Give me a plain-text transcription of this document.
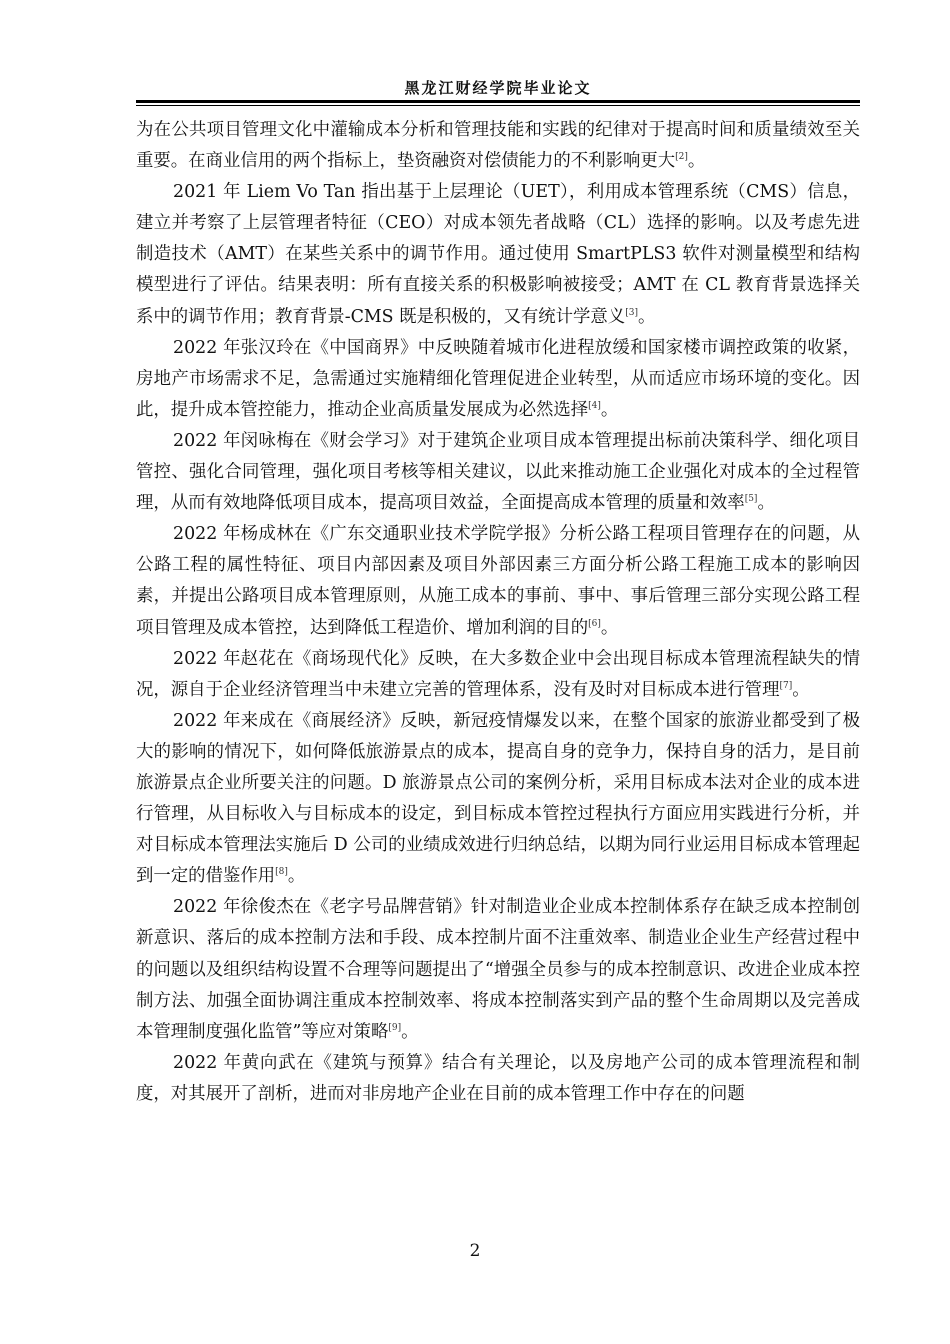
黑龙江财经学院毕业论文

为在公共项目管理文化中灌输成本分析和管理技能和实践的纪律对于提高时间和质量绩效至关重要。在商业信用的两个指标上，垫资融资对偿债能力的不利影响更大[2]。

2021 年 Liem Vo Tan 指出基于上层理论（UET），利用成本管理系统（CMS）信息，建立并考察了上层管理者特征（CEO）对成本领先者战略（CL）选择的影响。以及考虑先进制造技术（AMT）在某些关系中的调节作用。通过使用 SmartPLS3 软件对测量模型和结构模型进行了评估。结果表明：所有直接关系的积极影响被接受；AMT 在 CL 教育背景选择关系中的调节作用；教育背景-CMS 既是积极的，又有统计学意义[3]。

2022 年张汉玲在《中国商界》中反映随着城市化进程放缓和国家楼市调控政策的收紧，房地产市场需求不足，急需通过实施精细化管理促进企业转型，从而适应市场环境的变化。因此，提升成本管控能力，推动企业高质量发展成为必然选择[4]。

2022 年闵咏梅在《财会学习》对于建筑企业项目成本管理提出标前决策科学、细化项目管控、强化合同管理，强化项目考核等相关建议，以此来推动施工企业强化对成本的全过程管理，从而有效地降低项目成本，提高项目效益，全面提高成本管理的质量和效率[5]。

2022 年杨成林在《广东交通职业技术学院学报》分析公路工程项目管理存在的问题，从公路工程的属性特征、项目内部因素及项目外部因素三方面分析公路工程施工成本的影响因素，并提出公路项目成本管理原则，从施工成本的事前、事中、事后管理三部分实现公路工程项目管理及成本管控，达到降低工程造价、增加利润的目的[6]。

2022 年赵花在《商场现代化》反映，在大多数企业中会出现目标成本管理流程缺失的情况，源自于企业经济管理当中未建立完善的管理体系，没有及时对目标成本进行管理[7]。

2022 年来成在《商展经济》反映，新冠疫情爆发以来，在整个国家的旅游业都受到了极大的影响的情况下，如何降低旅游景点的成本，提高自身的竞争力，保持自身的活力，是目前旅游景点企业所要关注的问题。D 旅游景点公司的案例分析，采用目标成本法对企业的成本进行管理，从目标收入与目标成本的设定，到目标成本管控过程执行方面应用实践进行分析，并对目标成本管理法实施后 D 公司的业绩成效进行归纳总结，以期为同行业运用目标成本管理起到一定的借鉴作用[8]。

2022 年徐俊杰在《老字号品牌营销》针对制造业企业成本控制体系存在缺乏成本控制创新意识、落后的成本控制方法和手段、成本控制片面不注重效率、制造业企业生产经营过程中的问题以及组织结构设置不合理等问题提出了“增强全员参与的成本控制意识、改进企业成本控制方法、加强全面协调注重成本控制效率、将成本控制落实到产品的整个生命周期以及完善成本管理制度强化监管”等应对策略[9]。

2022 年黄向武在《建筑与预算》结合有关理论，以及房地产公司的成本管理流程和制度，对其展开了剖析，进而对非房地产企业在目前的成本管理工作中存在的问题

2
